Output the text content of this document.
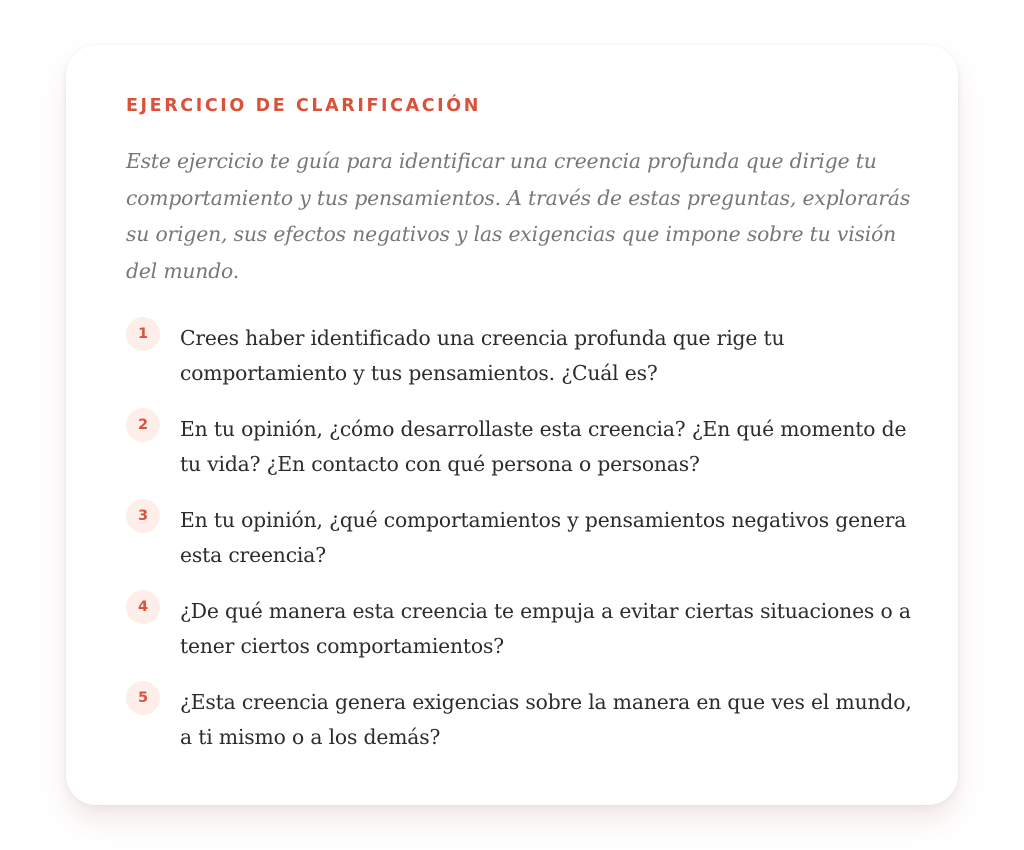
EJERCICIO DE CLARIFICACIÓN

Este ejercicio te guía para identificar una creencia profunda que dirige tu comportamiento y tus pensamientos. A través de estas preguntas, explorarás su origen, sus efectos negativos y las exigencias que impone sobre tu visión del mundo.

1	Crees haber identificado una creencia profunda que rige tu comportamiento y tus pensamientos. ¿Cuál es?

2	En tu opinión, ¿cómo desarrollaste esta creencia? ¿En qué momento de tu vida? ¿En contacto con qué persona o personas?

3	En tu opinión, ¿qué comportamientos y pensamientos negativos genera esta creencia?

4	¿De qué manera esta creencia te empuja a evitar ciertas situaciones o a tener ciertos comportamientos?

5	¿Esta creencia genera exigencias sobre la manera en que ves el mundo, a ti mismo o a los demás?
